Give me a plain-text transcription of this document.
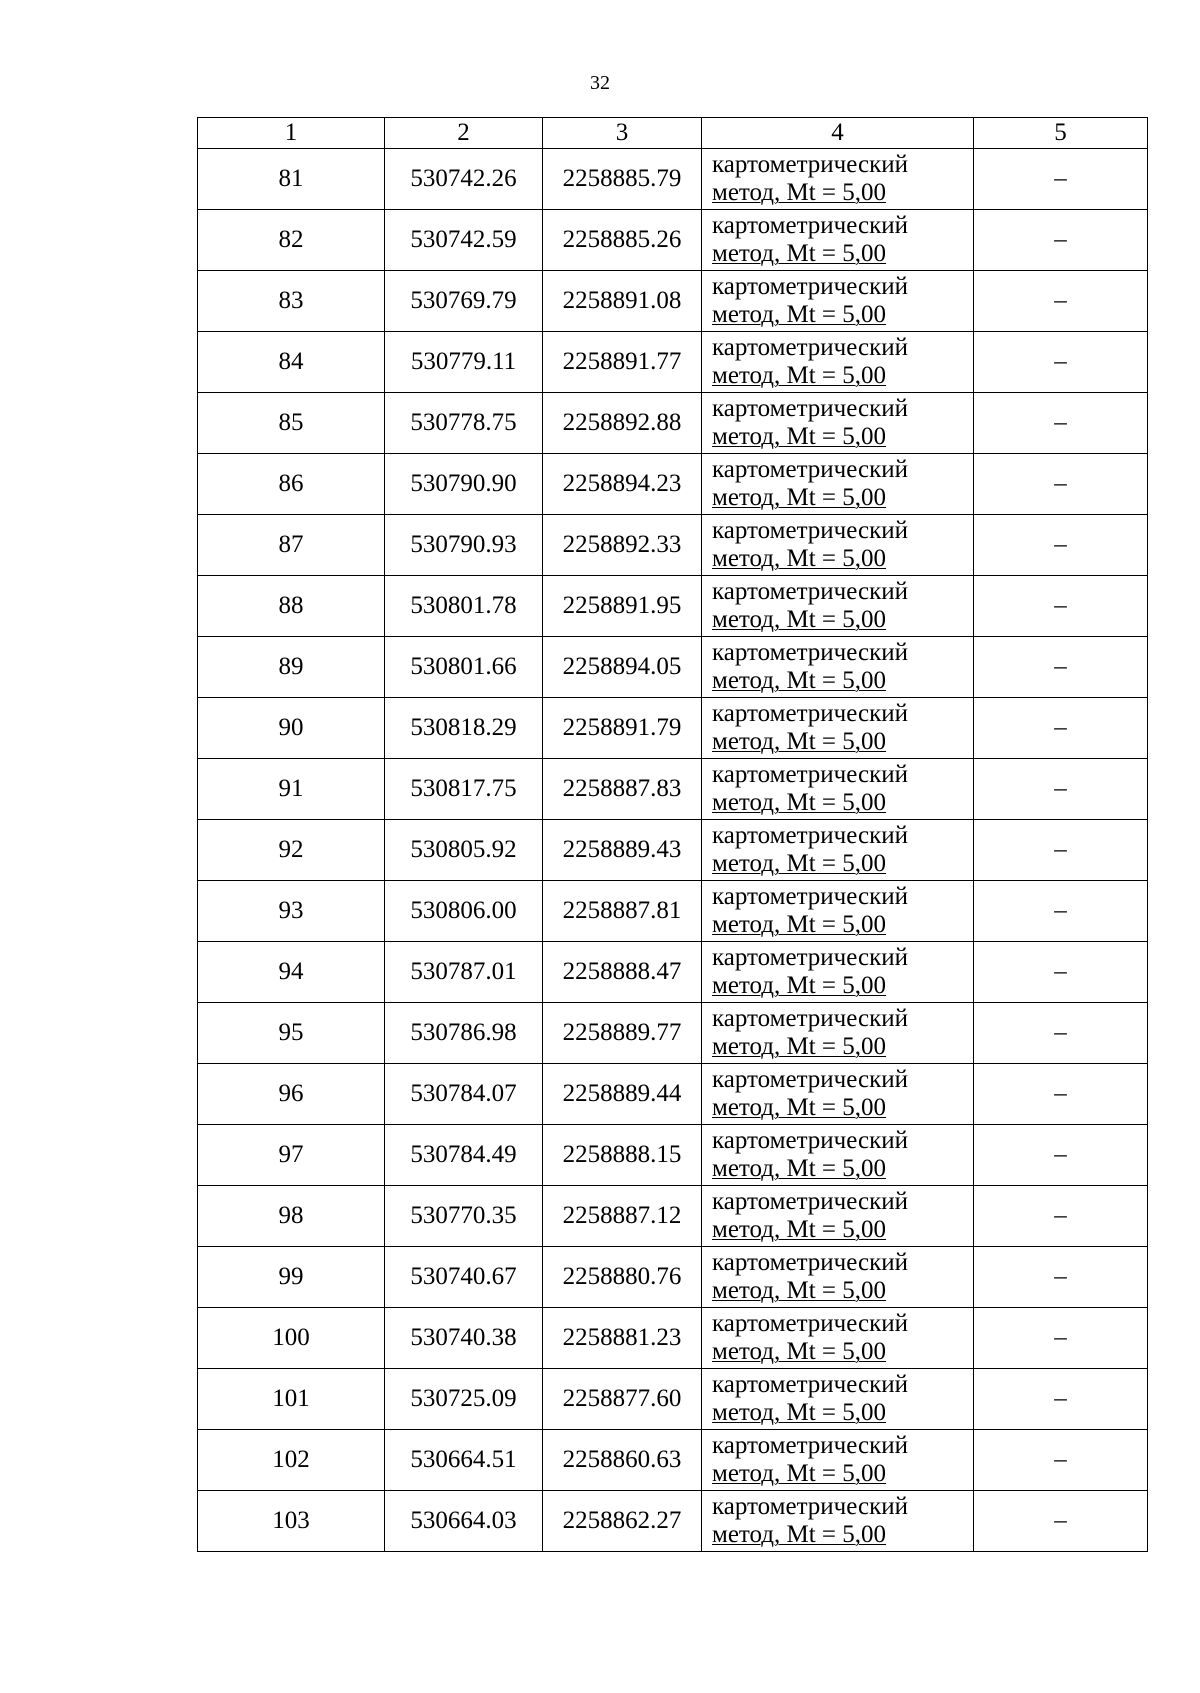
32
1	2	3	4	5
81	530742.26	2258885.79	картометрический
метод, Mt = 5,00	–
82	530742.59	2258885.26	картометрический
метод, Mt = 5,00	–
83	530769.79	2258891.08	картометрический
метод, Mt = 5,00	–
84	530779.11	2258891.77	картометрический
метод, Mt = 5,00	–
85	530778.75	2258892.88	картометрический
метод, Mt = 5,00	–
86	530790.90	2258894.23	картометрический
метод, Mt = 5,00	–
87	530790.93	2258892.33	картометрический
метод, Mt = 5,00	–
88	530801.78	2258891.95	картометрический
метод, Mt = 5,00	–
89	530801.66	2258894.05	картометрический
метод, Mt = 5,00	–
90	530818.29	2258891.79	картометрический
метод, Mt = 5,00	–
91	530817.75	2258887.83	картометрический
метод, Mt = 5,00	–
92	530805.92	2258889.43	картометрический
метод, Mt = 5,00	–
93	530806.00	2258887.81	картометрический
метод, Mt = 5,00	–
94	530787.01	2258888.47	картометрический
метод, Mt = 5,00	–
95	530786.98	2258889.77	картометрический
метод, Mt = 5,00	–
96	530784.07	2258889.44	картометрический
метод, Mt = 5,00	–
97	530784.49	2258888.15	картометрический
метод, Mt = 5,00	–
98	530770.35	2258887.12	картометрический
метод, Mt = 5,00	–
99	530740.67	2258880.76	картометрический
метод, Mt = 5,00	–
100	530740.38	2258881.23	картометрический
метод, Mt = 5,00	–
101	530725.09	2258877.60	картометрический
метод, Mt = 5,00	–
102	530664.51	2258860.63	картометрический
метод, Mt = 5,00	–
103	530664.03	2258862.27	картометрический
метод, Mt = 5,00	–
